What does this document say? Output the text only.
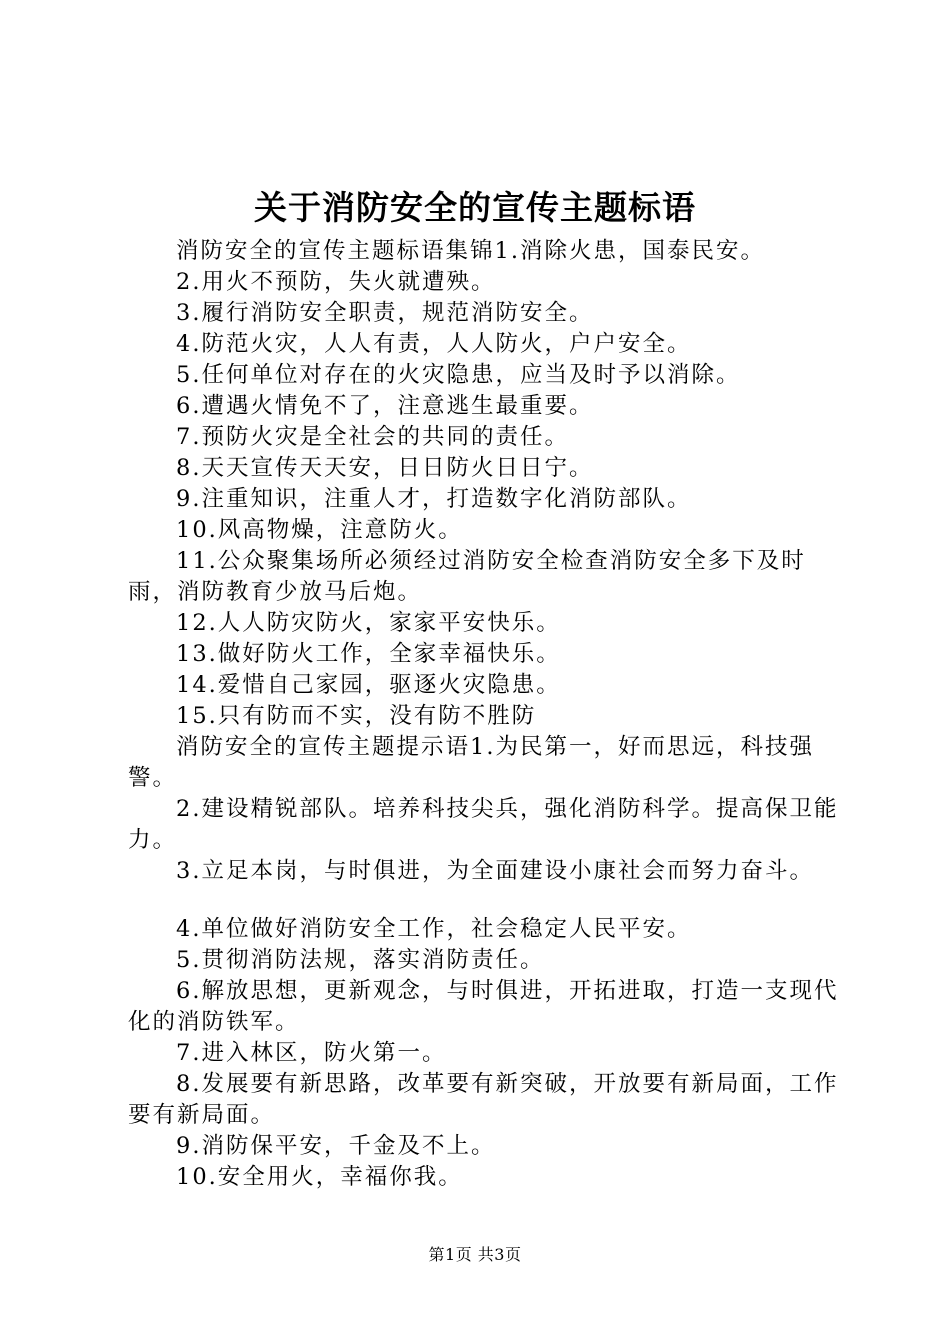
关于消防安全的宣传主题标语

消防安全的宣传主题标语集锦1.消除火患，国泰民安。

2.用火不预防，失火就遭殃。

3.履行消防安全职责，规范消防安全。

4.防范火灾，人人有责，人人防火，户户安全。

5.任何单位对存在的火灾隐患，应当及时予以消除。

6.遭遇火情免不了，注意逃生最重要。

7.预防火灾是全社会的共同的责任。

8.天天宣传天天安，日日防火日日宁。

9.注重知识，注重人才，打造数字化消防部队。

10.风高物燥，注意防火。

11.公众聚集场所必须经过消防安全检查消防安全多下及时雨，消防教育少放马后炮。

12.人人防灾防火，家家平安快乐。

13.做好防火工作，全家幸福快乐。

14.爱惜自己家园，驱逐火灾隐患。

15.只有防而不实，没有防不胜防

消防安全的宣传主题提示语1.为民第一，好而思远，科技强警。

2.建设精锐部队。培养科技尖兵，强化消防科学。提高保卫能力。

3.立足本岗，与时俱进，为全面建设小康社会而努力奋斗。

4.单位做好消防安全工作，社会稳定人民平安。

5.贯彻消防法规，落实消防责任。

6.解放思想，更新观念，与时俱进，开拓进取，打造一支现代化的消防铁军。

7.进入林区，防火第一。

8.发展要有新思路，改革要有新突破，开放要有新局面，工作要有新局面。

9.消防保平安，千金及不上。

10.安全用火，幸福你我。

第1页 共3页
